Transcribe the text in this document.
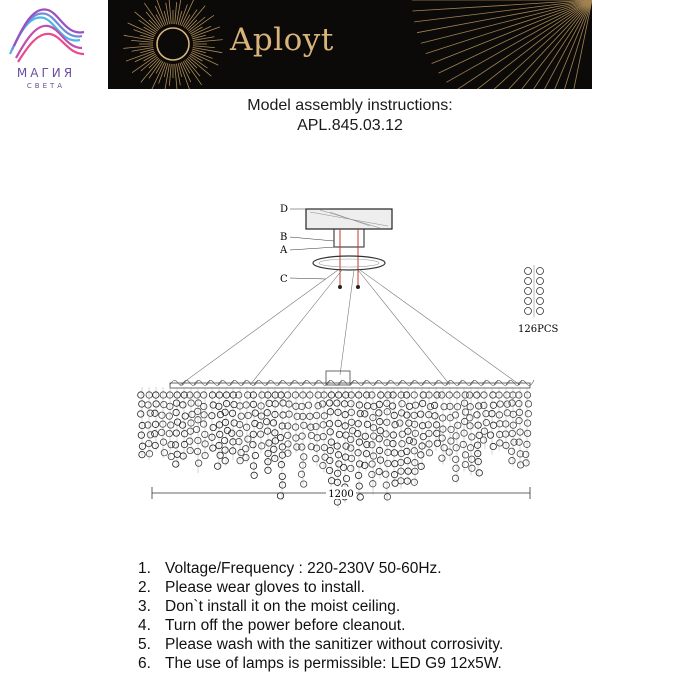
МАГИЯ
СВЕТА
Aployt
Model assembly instructions:
APL.845.03.12
D
B
A
C
126PCS
1200
1. Voltage/Frequency : 220-230V 50-60Hz.
2. Please wear gloves to install.
3. Don`t install it on the moist ceiling.
4. Turn off the power before cleanout.
5. Please wash with the sanitizer without corrosivity.
6. The use of lamps is permissible: LED G9 12x5W.
